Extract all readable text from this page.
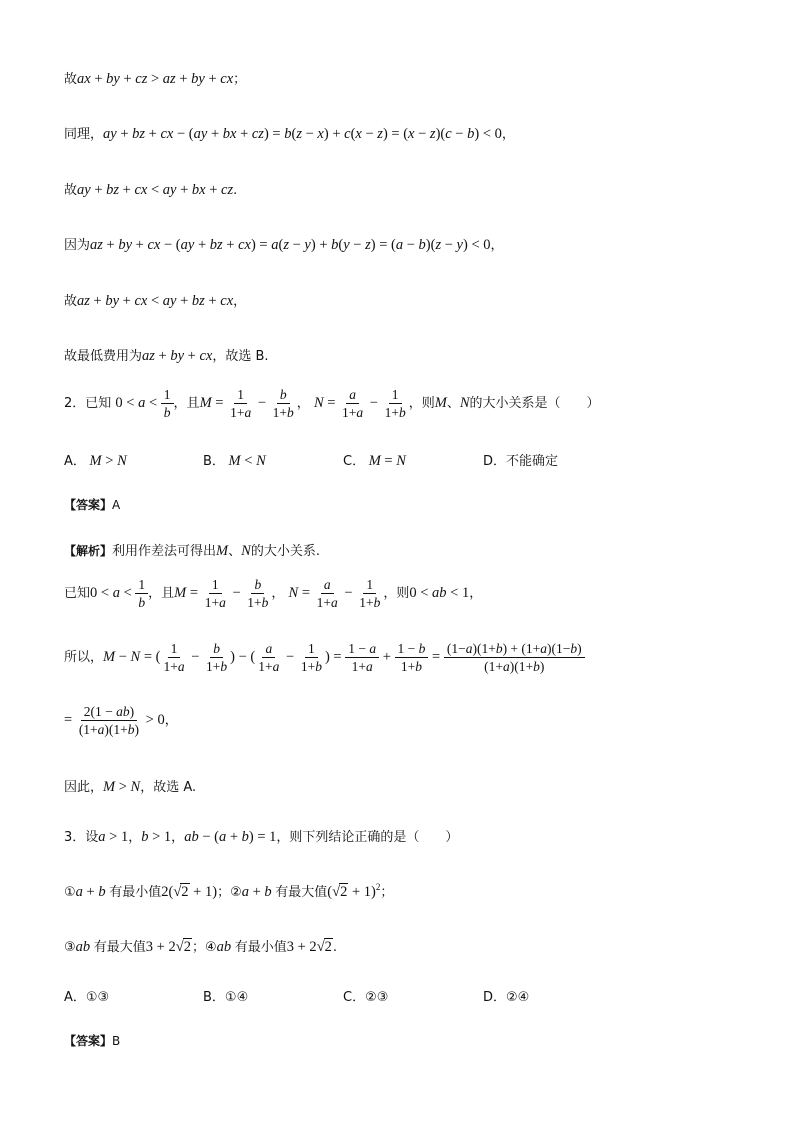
故ax + by + cz > az + by + cx；
同理，ay + bz + cx − (ay + bx + cz) = b(z − x) + c(x − z) = (x − z)(c − b) < 0，
故ay + bz + cx < ay + bx + cz.
因为az + by + cx − (ay + bz + cx) = a(z − y) + b(y − z) = (a − b)(z − y) < 0，
故az + by + cx < ay + bz + cx，
故最低费用为az + by + cx，故选 B.
2．已知 $0 < a < \frac{1}{b}$ ，且$M = \frac{1}{1+a} - \frac{b}{1+b}$ ， $N = \frac{a}{1+a} - \frac{1}{1+b}$ ，则M、N的大小关系是（　　）
A． M > N	B． M < N	C． M = N	D．不能确定
【答案】A
【解析】利用作差法可得出M、N的大小关系.
已知$0 < a < \frac{1}{b}$ ，且$M = \frac{1}{1+a} - \frac{b}{1+b}$ ， $N = \frac{a}{1+a} - \frac{1}{1+b}$ ，则0 < ab < 1，
所以，M − N = ( $\frac{1}{1+a} - \frac{b}{1+b}$ ) − ( $\frac{a}{1+a} - \frac{1}{1+b}$ ) = $\frac{1 - a}{1+a} + \frac{1 - b}{1+b} = \frac{(1-a)(1+b) + (1+a)(1-b)}{(1+a)(1+b)}$
= $\frac{2(1 - ab)}{(1+a)(1+b)} > 0$，
因此，M > N，故选 A.
3．设a > 1，b > 1，ab − (a + b) = 1，则下列结论正确的是（　　）
①a + b 有最小值2(√2 + 1)；②a + b 有最大值$(√2 + 1)^2$；
③ab 有最大值3 + 2√2；④ab 有最小值3 + 2√2.
A．①③	B．①④	C．②③	D．②④
【答案】B
